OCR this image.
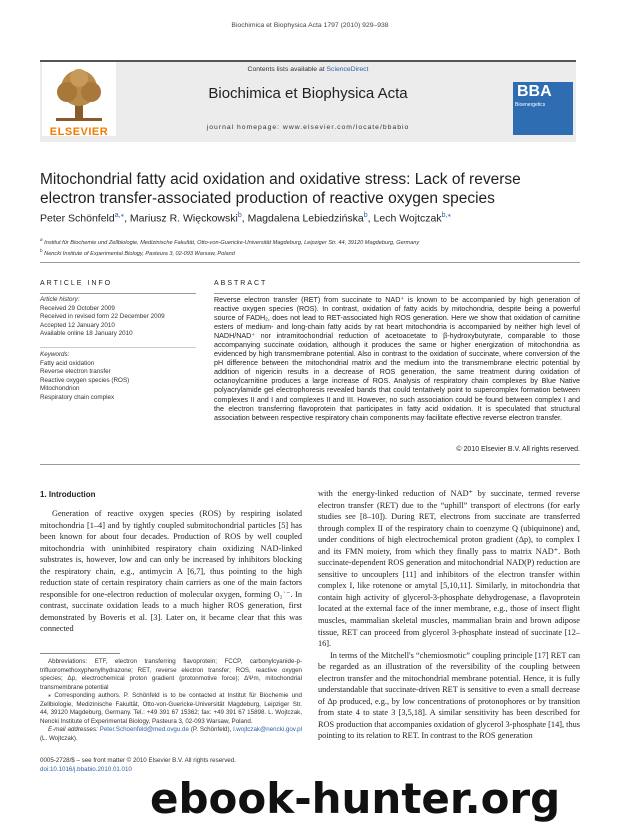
Biochimica et Biophysica Acta 1797 (2010) 929–938
ELSEVIER
Contents lists available at ScienceDirect
Biochimica et Biophysica Acta
journal homepage: www.elsevier.com/locate/bbabio
BBA
Bioenergetics
Mitochondrial fatty acid oxidation and oxidative stress: Lack of reverse electron transfer-associated production of reactive oxygen species
Peter Schönfeld$^{a,⁎}$, Mariusz R. Więckowski$^b$, Magdalena Lebiedzińska$^b$, Lech Wojtczak$^{b,⁎}$
$^a$ Institut für Biochemie und Zellbiologie, Medizinische Fakultät, Otto-von-Guericke-Universität Magdeburg, Leipziger Str. 44, 39120 Magdeburg, Germany
$^b$ Nencki Institute of Experimental Biology, Pasteura 3, 02-093 Warsaw, Poland
ARTICLE INFO
Article history:
Received 29 October 2009
Received in revised form 22 December 2009
Accepted 12 January 2010
Available online 18 January 2010
Keywords:
Fatty acid oxidation
Reverse electron transfer
Reactive oxygen species (ROS)
Mitochondrion
Respiratory chain complex
ABSTRACT
Reverse electron transfer (RET) from succinate to NAD⁺ is known to be accompanied by high generation of reactive oxygen species (ROS). In contrast, oxidation of fatty acids by mitochondria, despite being a powerful source of FADH₂, does not lead to RET-associated high ROS generation. Here we show that oxidation of carnitine esters of medium- and long-chain fatty acids by rat heart mitochondria is accompanied by neither high level of NADH/NAD⁺ nor intramitochondrial reduction of acetoacetate to β-hydroxybutyrate, comparable to those accompanying succinate oxidation, although it produces the same or higher energization of mitochondria as evidenced by high transmembrane potential. Also in contrast to the oxidation of succinate, where conversion of the pH difference between the mitochondrial matrix and the medium into the transmembrane electric potential by addition of nigericin results in a decrease of ROS generation, the same treatment during oxidation of octanoylcarnitine produces a large increase of ROS. Analysis of respiratory chain complexes by Blue Native polyacrylamide gel electrophoresis revealed bands that could tentatively point to supercomplex formation between complexes II and I and complexes II and III. However, no such association could be found between complex I and the electron transferring flavoprotein that participates in fatty acid oxidation. It is speculated that structural association between respective respiratory chain components may facilitate effective reverse electron transfer.
© 2010 Elsevier B.V. All rights reserved.
1. Introduction

Generation of reactive oxygen species (ROS) by respiring isolated mitochondria [1–4] and by tightly coupled submitochondrial particles [5] has been known for about four decades. Production of ROS by well coupled mitochondria with uninhibited respiratory chain oxidizing NAD-linked substrates is, however, low and can only be increased by inhibitors blocking the respiratory chain, e.g., antimycin A [6,7], thus pointing to the high reduction state of certain respiratory chain carriers as one of the main factors responsible for one-electron reduction of molecular oxygen, forming O₂˙⁻. In contrast, succinate oxidation leads to a much higher ROS generation, first demonstrated by Boveris et al. [3]. Later on, it became clear that this was connected

with the energy-linked reduction of NAD⁺ by succinate, termed reverse electron transfer (RET) due to the “uphill” transport of electrons (for early studies see [8–10]). During RET, electrons from succinate are transferred through complex II of the respiratory chain to coenzyme Q (ubiquinone) and, under conditions of high electrochemical proton gradient (Δp), to complex I and its FMN moiety, from which they finally pass to matrix NAD⁺. Both succinate-dependent ROS generation and mitochondrial NAD(P) reduction are sensitive to uncouplers [11] and inhibitors of the electron transfer within complex I, like rotenone or amytal [5,10,11]. Similarly, in mitochondria that contain high activity of glycerol-3-phosphate dehydrogenase, a flavoprotein located at the external face of the inner membrane, e.g., those of insect flight muscles, mammalian skeletal muscles, mammalian brain and brown adipose tissue, RET can proceed from glycerol 3-phosphate instead of succinate [12–16].

In terms of the Mitchell's “chemiosmotic” coupling principle [17] RET can be regarded as an illustration of the reversibility of the coupling between electron transfer and the mitochondrial membrane potential. Hence, it is fully understandable that succinate-driven RET is sensitive to even a small decrease of Δp produced, e.g., by low concentrations of protonophores or by transition from state 4 to state 3 [3,5,18]. A similar sensitivity has been described for ROS production that accompanies oxidation of glycerol 3-phosphate [14], thus pointing to its relation to RET. In contrast to the ROS generation

Abbreviations: ETF, electron transferring flavoprotein; FCCP, carbonylcyanide-p-trifluoromethoxyphenylhydrazone; RET, reverse electron transfer; ROS, reactive oxygen species; Δp, electrochemical proton gradient (protonmotive force); ΔΨm, mitochondrial transmembrane potential

⁎ Corresponding authors. P. Schönfeld is to be contacted at Institut für Biochemie und Zellbiologie, Medizinische Fakultät, Otto-von-Guericke-Universität Magdeburg, Leipziger Str. 44, 39120 Magdeburg, Germany. Tel.: +49 391 67 15362; fax: +49 391 67 15898. L. Wojtczak, Nencki Institute of Experimental Biology, Pasteura 3, 02-093 Warsaw, Poland.

E-mail addresses: Peter.Schoenfeld@med.ovgu.de (P. Schönfeld), l.wojtczak@nencki.gov.pl (L. Wojtczak).

0005-2728/$ – see front matter © 2010 Elsevier B.V. All rights reserved.
doi:10.1016/j.bbabio.2010.01.010
ebook-hunter.org
